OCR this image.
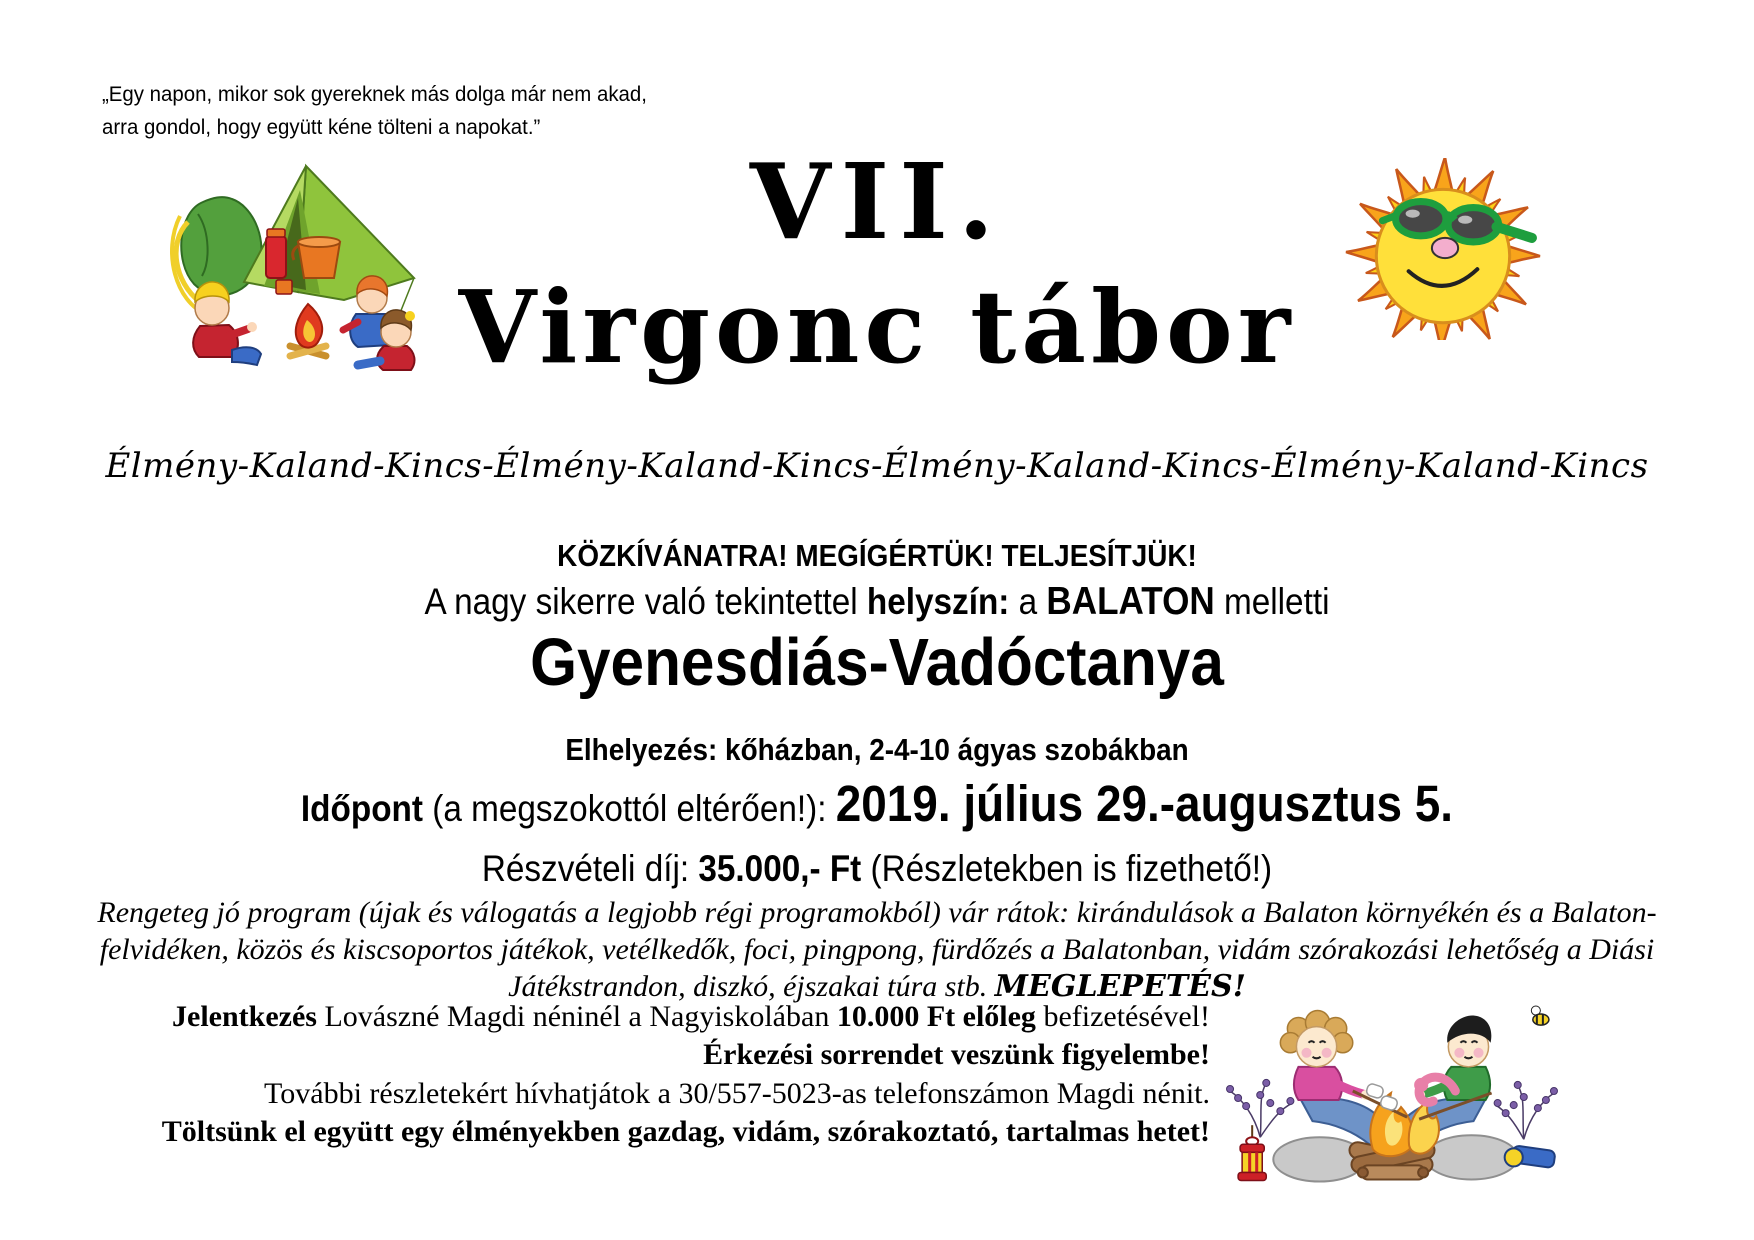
„Egy napon, mikor sok gyereknek más dolga már nem akad,
arra gondol, hogy együtt kéne tölteni a napokat.”
VII.
Virgonc tábor
Élmény-Kaland-Kincs-Élmény-Kaland-Kincs-Élmény-Kaland-Kincs-Élmény-Kaland-Kincs
KÖZKÍVÁNATRA! MEGÍGÉRTÜK! TELJESÍTJÜK!
A nagy sikerre való tekintettel helyszín: a BALATON melletti
Gyenesdiás-Vadóctanya
Elhelyezés: kőházban, 2-4-10 ágyas szobákban
Időpont (a megszokottól eltérően!): 2019. július 29.-augusztus 5.
Részvételi díj: 35.000,- Ft (Részletekben is fizethető!)
Rengeteg jó program (újak és válogatás a legjobb régi programokból) vár rátok: kirándulások a Balaton környékén és a Balaton-
felvidéken, közös és kiscsoportos játékok, vetélkedők, foci, pingpong, fürdőzés a Balatonban, vidám szórakozási lehetőség a Diási
Játékstrandon, diszkó, éjszakai túra stb. MEGLEPETÉS!
Jelentkezés Lovászné Magdi néninél a Nagyiskolában 10.000 Ft előleg befizetésével!
Érkezési sorrendet veszünk figyelembe!
További részletekért hívhatjátok a 30/557-5023-as telefonszámon Magdi nénit.
Töltsünk el együtt egy élményekben gazdag, vidám, szórakoztató, tartalmas hetet!
